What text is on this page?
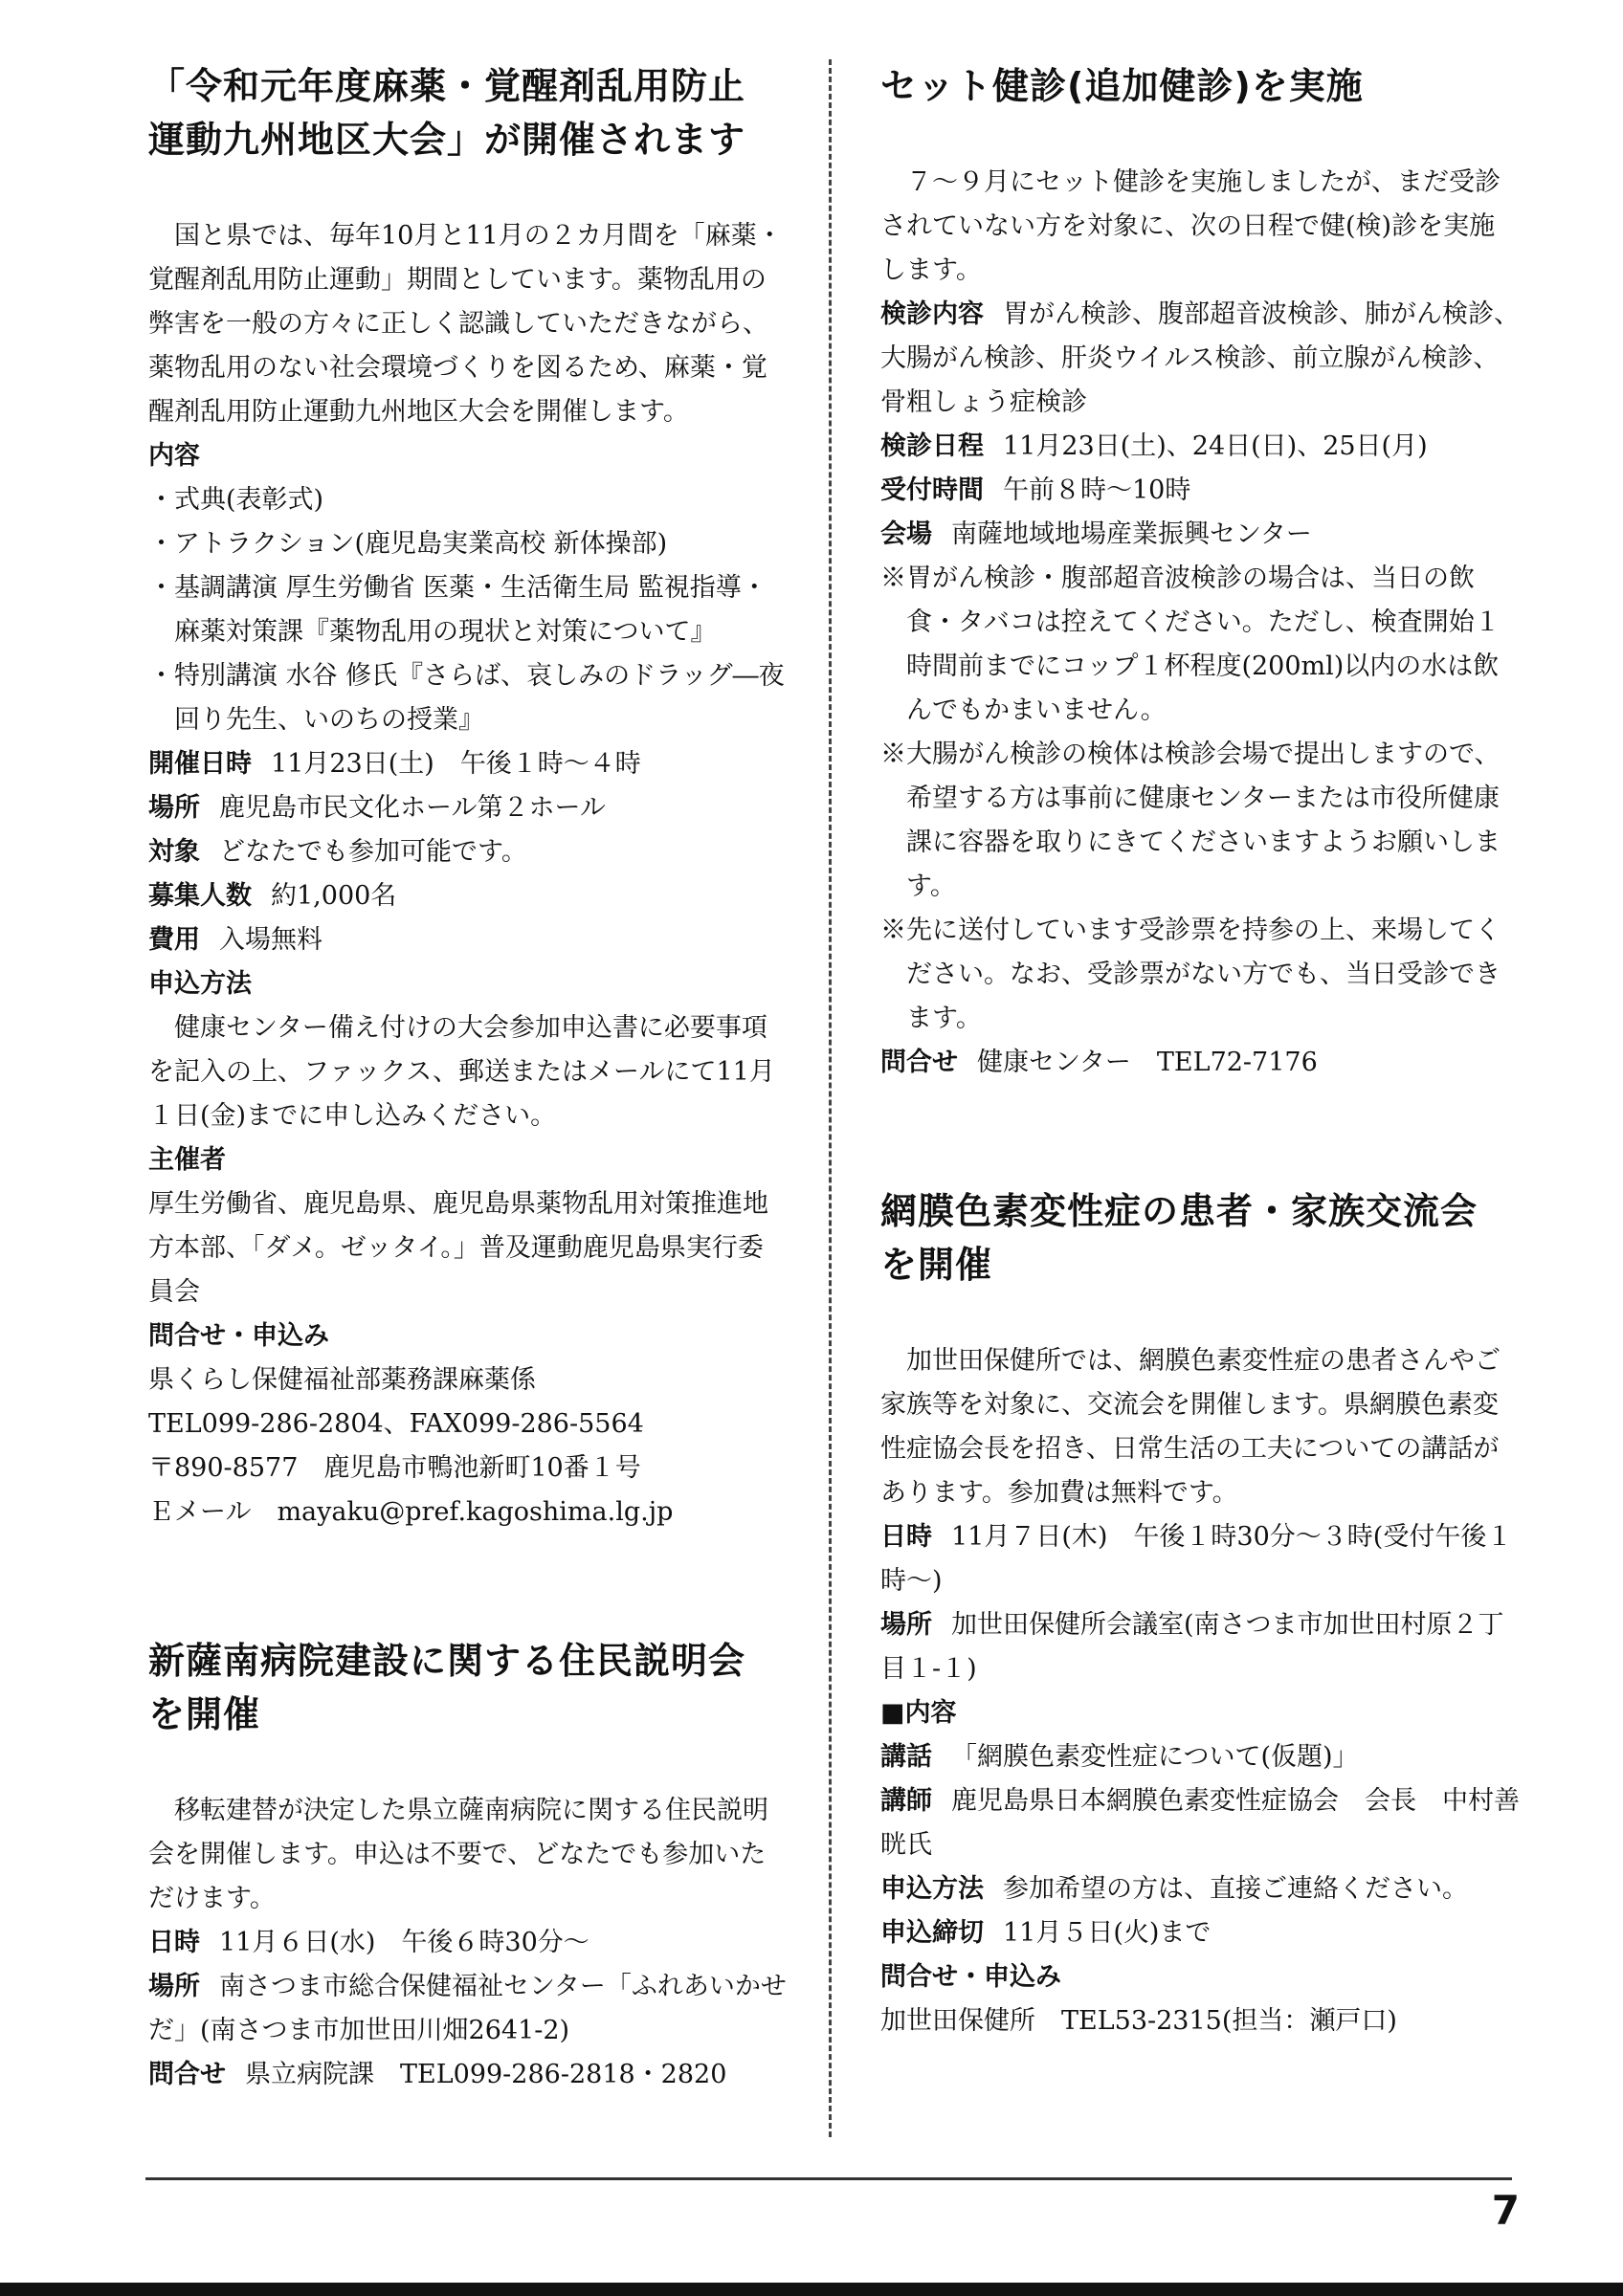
「令和元年度麻薬・覚醒剤乱用防止
運動九州地区大会」が開催されます

国と県では、毎年10月と11月の２カ月間を「麻薬・覚醒剤乱用防止運動」期間としています。薬物乱用の弊害を一般の方々に正しく認識していただきながら、薬物乱用のない社会環境づくりを図るため、麻薬・覚醒剤乱用防止運動九州地区大会を開催します。

内容

・式典(表彰式)

・アトラクション(鹿児島実業高校 新体操部)

・基調講演 厚生労働省 医薬・生活衛生局 監視指導・麻薬対策課『薬物乱用の現状と対策について』

・特別講演 水谷 修氏『さらば、哀しみのドラッグ―夜回り先生、いのちの授業』

開催日時 11月23日(土)　午後１時～４時

場所 鹿児島市民文化ホール第２ホール

対象 どなたでも参加可能です。

募集人数 約1,000名

費用 入場無料

申込方法

健康センター備え付けの大会参加申込書に必要事項を記入の上、ファックス、郵送またはメールにて11月１日(金)までに申し込みください。

主催者

厚生労働省、鹿児島県、鹿児島県薬物乱用対策推進地方本部、「ダメ。ゼッタイ。」普及運動鹿児島県実行委員会

問合せ・申込み

県くらし保健福祉部薬務課麻薬係

TEL099-286-2804、FAX099-286-5564

〒890-8577　鹿児島市鴨池新町10番１号

Ｅメール　mayaku@pref.kagoshima.lg.jp

新薩南病院建設に関する住民説明会
を開催

移転建替が決定した県立薩南病院に関する住民説明会を開催します。申込は不要で、どなたでも参加いただけます。

日時 11月６日(水)　午後６時30分～

場所 南さつま市総合保健福祉センター「ふれあいかせだ」(南さつま市加世田川畑2641-2)

問合せ 県立病院課　TEL099-286-2818・2820

セット健診(追加健診)を実施

７～９月にセット健診を実施しましたが、まだ受診されていない方を対象に、次の日程で健(検)診を実施します。

検診内容 胃がん検診、腹部超音波検診、肺がん検診、大腸がん検診、肝炎ウイルス検診、前立腺がん検診、骨粗しょう症検診

検診日程 11月23日(土)、24日(日)、25日(月)

受付時間 午前８時～10時

会場 南薩地域地場産業振興センター

※胃がん検診・腹部超音波検診の場合は、当日の飲食・タバコは控えてください。ただし、検査開始１時間前までにコップ１杯程度(200ml)以内の水は飲んでもかまいません。

※大腸がん検診の検体は検診会場で提出しますので、希望する方は事前に健康センターまたは市役所健康課に容器を取りにきてくださいますようお願いします。

※先に送付しています受診票を持参の上、来場してください。なお、受診票がない方でも、当日受診できます。

問合せ 健康センター　TEL72-7176

網膜色素変性症の患者・家族交流会
を開催

加世田保健所では、網膜色素変性症の患者さんやご家族等を対象に、交流会を開催します。県網膜色素変性症協会長を招き、日常生活の工夫についての講話があります。参加費は無料です。

日時 11月７日(木)　午後１時30分～３時(受付午後１時～)

場所 加世田保健所会議室(南さつま市加世田村原２丁目１-１)

■内容

講話 「網膜色素変性症について(仮題)」

講師 鹿児島県日本網膜色素変性症協会　会長　中村善晄氏

申込方法 参加希望の方は、直接ご連絡ください。

申込締切 11月５日(火)まで

問合せ・申込み

加世田保健所　TEL53-2315(担当：瀬戸口)

7
